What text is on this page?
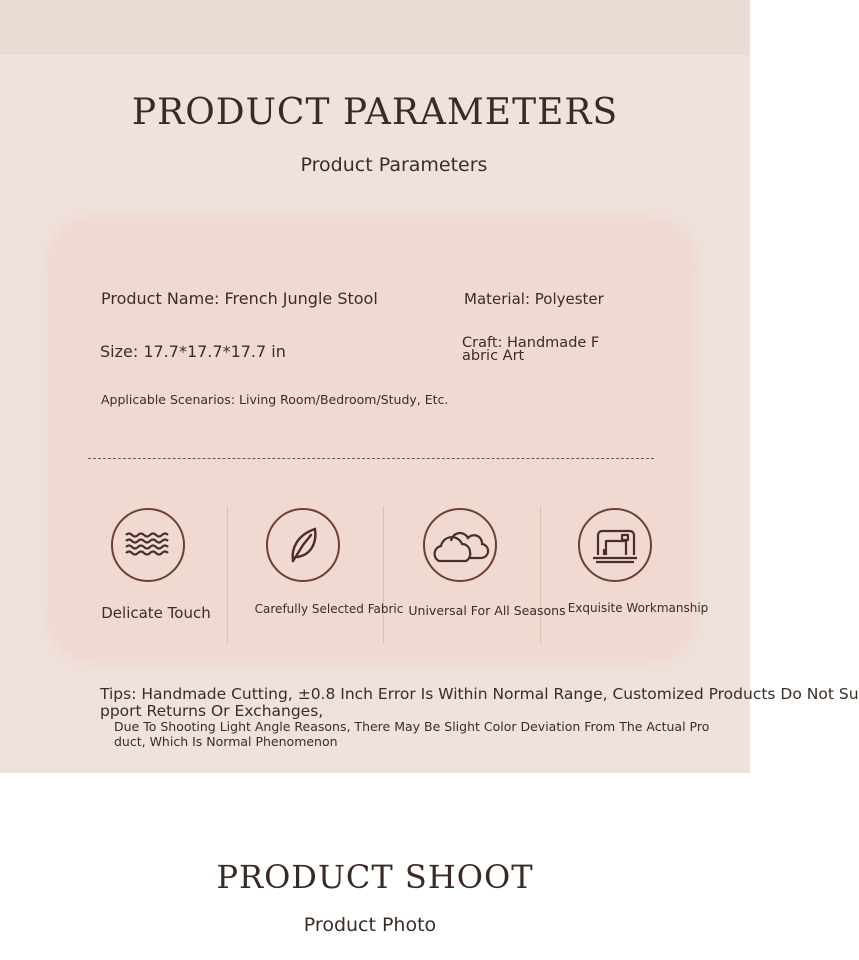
PRODUCT PARAMETERS
Product Parameters
Product Name: French Jungle Stool	Material: Polyester
Size: 17.7*17.7*17.7 in	Craft: Handmade F
abric Art
Applicable Scenarios: Living Room/Bedroom/Study, Etc.
Delicate Touch	Carefully Selected Fabric Universal For All Seasons Exquisite Workmanship
Tips: Handmade Cutting, ±0.8 Inch Error Is Within Normal Range, Customized Products Do Not Su
pport Returns Or Exchanges,
Due To Shooting Light Angle Reasons, There May Be Slight Color Deviation From The Actual Pro
duct, Which Is Normal Phenomenon
PRODUCT SHOOT
Product Photo
